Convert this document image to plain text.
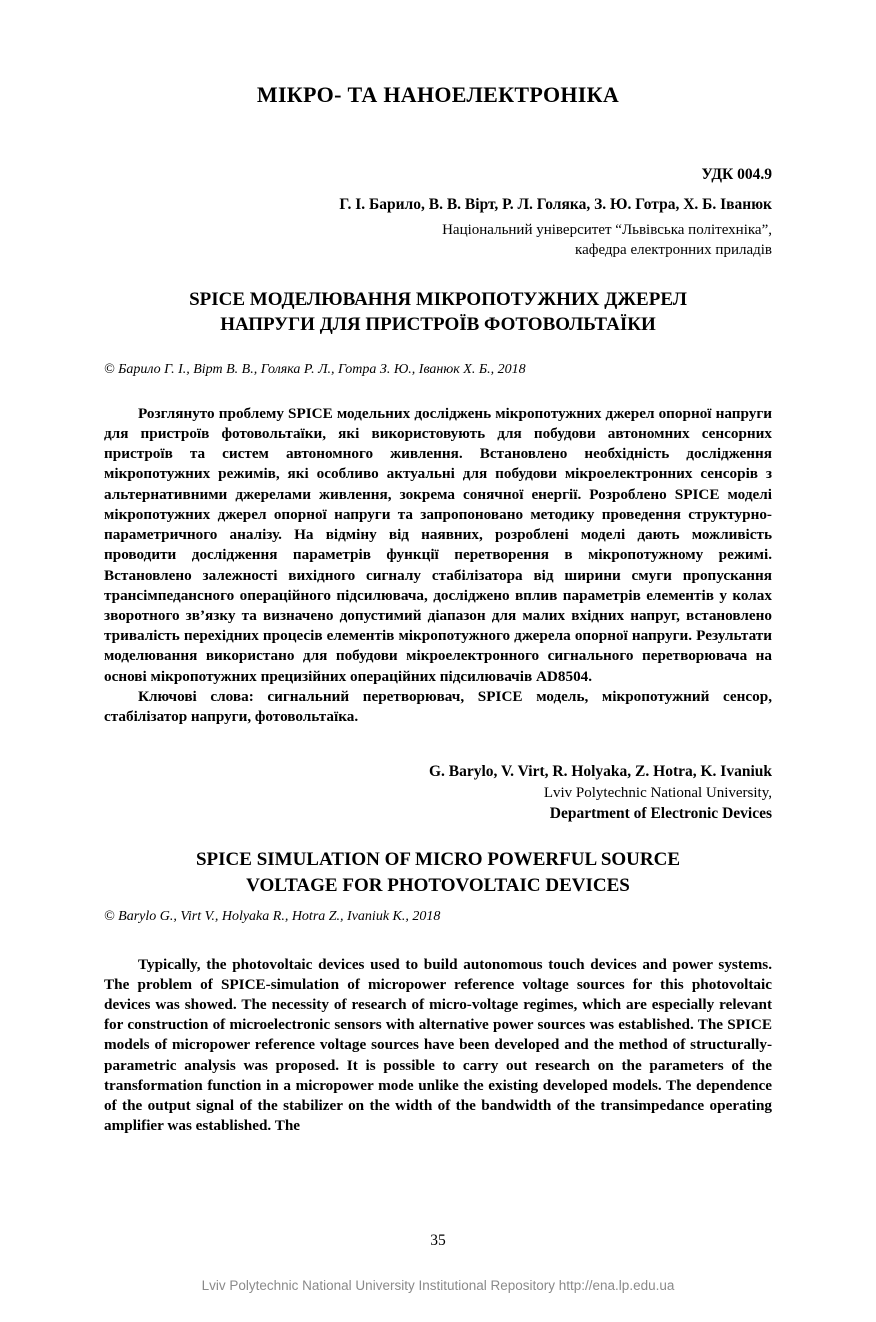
МІКРО- ТА НАНОЕЛЕКТРОНІКА
УДК 004.9
Г. І. Барило, В. В. Вірт, Р. Л. Голяка, З. Ю. Готра, Х. Б. Іванюк
Національний університет “Львівська політехніка”,
кафедра електронних приладів
SPICE МОДЕЛЮВАННЯ МІКРОПОТУЖНИХ ДЖЕРЕЛ
НАПРУГИ ДЛЯ ПРИСТРОЇВ ФОТОВОЛЬТАЇКИ
© Барило Г. І., Вірт В. В., Голяка Р. Л., Готра З. Ю., Іванюк Х. Б., 2018
Розглянуто проблему SPICE модельних досліджень мікропотужних джерел опорної напруги для пристроїв фотовольтаїки, які використовують для побудови автономних сенсорних пристроїв та систем автономного живлення. Встановлено необхідність дослідження мікропотужних режимів, які особливо актуальні для побудови мікроелектронних сенсорів з альтернативними джерелами живлення, зокрема сонячної енергії. Розроблено SPICE моделі мікропотужних джерел опорної напруги та запропоновано методику проведення структурно-параметричного аналізу. На відміну від наявних, розроблені моделі дають можливість проводити дослідження параметрів функції перетворення в мікропотужному режимі. Встановлено залежності вихідного сигналу стабілізатора від ширини смуги пропускання трансімпедансного операційного підсилювача, досліджено вплив параметрів елементів у колах зворотного зв’язку та визначено допустимий діапазон для малих вхідних напруг, встановлено тривалість перехідних процесів елементів мікропотужного джерела опорної напруги. Результати моделювання використано для побудови мікроелектронного сигнального перетворювача на основі мікропотужних прецизійних операційних підсилювачів AD8504.
Ключові слова: сигнальний перетворювач, SPICE модель, мікропотужний сенсор, стабілізатор напруги, фотовольтаїка.
G. Barylo, V. Virt, R. Holyaka, Z. Hotra, K. Ivaniuk
Lviv Polytechnic National University,
Department of Electronic Devices
SPICE SIMULATION OF MICRO POWERFUL SOURCE
VOLTAGE FOR PHOTOVOLTAIC DEVICES
© Barylo G., Virt V., Holyaka R., Hotra Z., Ivaniuk K., 2018
Typically, the photovoltaic devices used to build autonomous touch devices and power systems. The problem of SPICE-simulation of micropower reference voltage sources for this photovoltaic devices was showed. The necessity of research of micro-voltage regimes, which are especially relevant for construction of microelectronic sensors with alternative power sources was established. The SPICE models of micropower reference voltage sources have been developed and the method of structurally-parametric analysis was proposed. It is possible to carry out research on the parameters of the transformation function in a micropower mode unlike the existing developed models. The dependence of the output signal of the stabilizer on the width of the bandwidth of the transimpedance operating amplifier was established. The
35
Lviv Polytechnic National University Institutional Repository http://ena.lp.edu.ua
